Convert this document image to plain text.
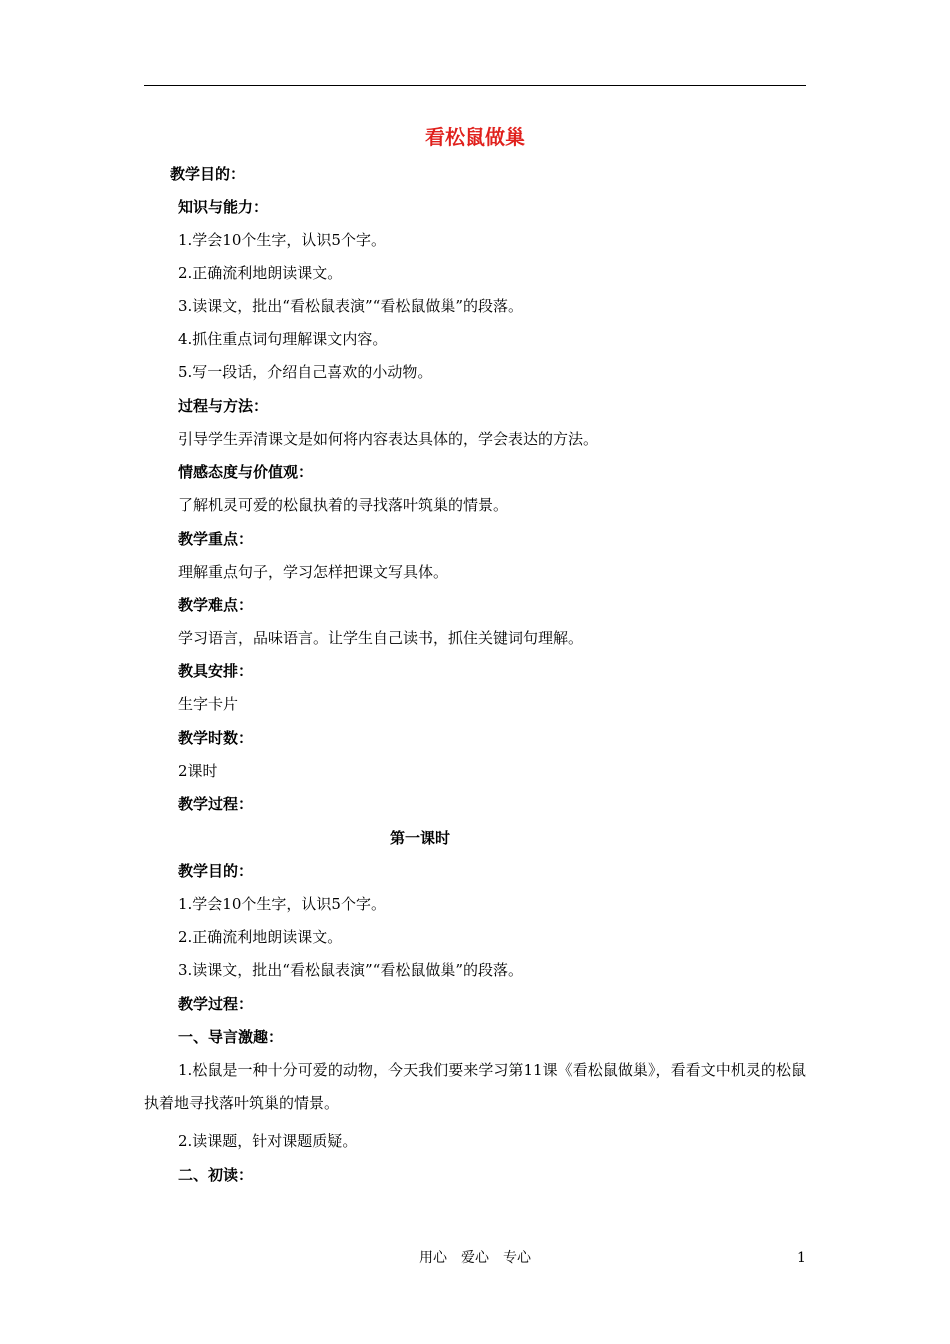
看松鼠做巢
教学目的：
知识与能力：
1.学会10个生字，认识5个字。
2.正确流利地朗读课文。
3.读课文，批出“看松鼠表演”“看松鼠做巢”的段落。
4.抓住重点词句理解课文内容。
5.写一段话，介绍自己喜欢的小动物。
过程与方法：
引导学生弄清课文是如何将内容表达具体的，学会表达的方法。
情感态度与价值观：
了解机灵可爱的松鼠执着的寻找落叶筑巢的情景。
教学重点：
理解重点句子，学习怎样把课文写具体。
教学难点：
学习语言，品味语言。让学生自己读书，抓住关键词句理解。
教具安排：
生字卡片
教学时数：
2课时
教学过程：
第一课时
教学目的：
1.学会10个生字，认识5个字。
2.正确流利地朗读课文。
3.读课文，批出“看松鼠表演”“看松鼠做巢”的段落。
教学过程：
一、导言激趣：
1.松鼠是一种十分可爱的动物，今天我们要来学习第11课《看松鼠做巢》，看看文中机灵的松鼠执着地寻找落叶筑巢的情景。
2.读课题，针对课题质疑。
二、初读：
用心　爱心　专心	1
